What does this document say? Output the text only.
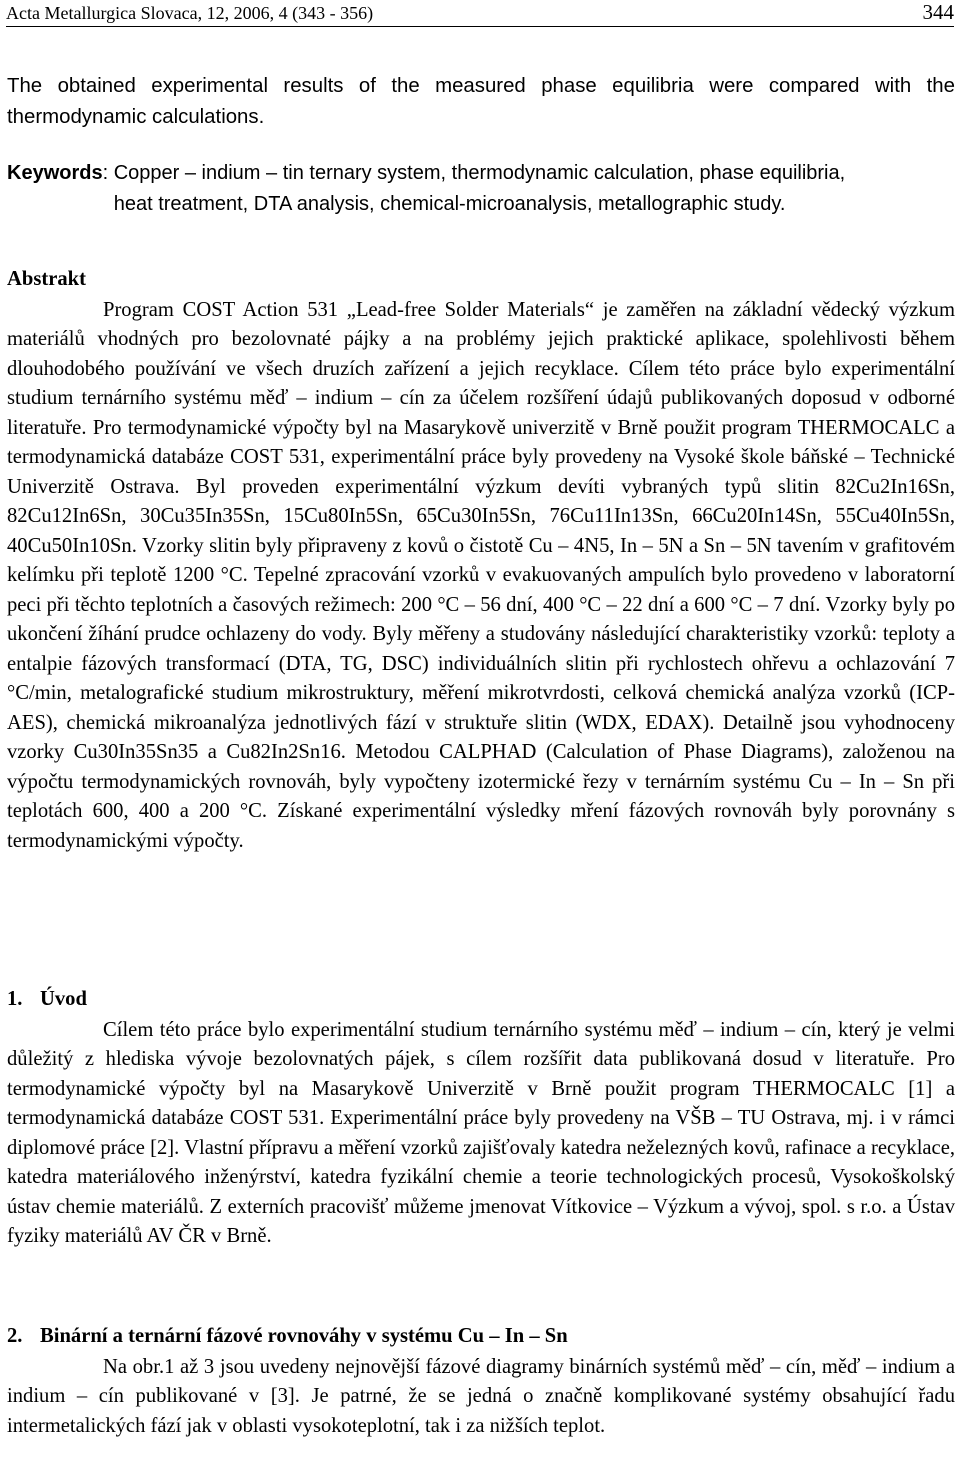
Acta Metallurgica Slovaca, 12, 2006, 4 (343 - 356)	344

The obtained experimental results of the measured phase equilibria were compared with the thermodynamic calculations.

Keywords : Copper – indium – tin ternary system, thermodynamic calculation, phase equilibria,
heat treatment, DTA analysis, chemical-microanalysis, metallographic study.
Abstrakt

Program COST Action 531 „Lead-free Solder Materials“ je zaměřen na základní vědecký výzkum materiálů vhodných pro bezolovnaté pájky a na problémy jejich praktické aplikace, spolehlivosti během dlouhodobého používání ve všech druzích zařízení a jejich recyklace. Cílem této práce bylo experimentální studium ternárního systému měď – indium – cín za účelem rozšíření údajů publikovaných doposud v odborné literatuře. Pro termodynamické výpočty byl na Masarykově univerzitě v Brně použit program THERMOCALC a termodynamická databáze COST 531, experimentální práce byly provedeny na Vysoké škole báňské – Technické Univerzitě Ostrava. Byl proveden experimentální výzkum devíti vybraných typů slitin 82Cu2In16Sn, 82Cu12In6Sn, 30Cu35In35Sn, 15Cu80In5Sn, 65Cu30In5Sn, 76Cu11In13Sn, 66Cu20In14Sn, 55Cu40In5Sn, 40Cu50In10Sn. Vzorky slitin byly připraveny z kovů o čistotě Cu – 4N5, In – 5N a Sn – 5N tavením v grafitovém kelímku při teplotě 1200 °C. Tepelné zpracování vzorků v evakuovaných ampulích bylo provedeno v laboratorní peci při těchto teplotních a časových režimech: 200 °C – 56 dní, 400 °C – 22 dní a 600 °C – 7 dní. Vzorky byly po ukončení žíhání prudce ochlazeny do vody. Byly měřeny a studovány následující charakteristiky vzorků: teploty a entalpie fázových transformací (DTA, TG, DSC) individuálních slitin při rychlostech ohřevu a ochlazování 7 °C/min, metalografické studium mikrostruktury, měření mikrotvrdosti, celková chemická analýza vzorků (ICP-AES), chemická mikroanalýza jednotlivých fází v struktuře slitin (WDX, EDAX). Detailně jsou vyhodnoceny vzorky Cu30In35Sn35 a Cu82In2Sn16. Metodou CALPHAD (Calculation of Phase Diagrams), založenou na výpočtu termodynamických rovnováh, byly vypočteny izotermické řezy v ternárním systému Cu – In – Sn při teplotách 600, 400 a 200 °C. Získané experimentální výsledky mření fázových rovnováh byly porovnány s termodynamickými výpočty.

1. Úvod

Cílem této práce bylo experimentální studium ternárního systému měď – indium – cín, který je velmi důležitý z hlediska vývoje bezolovnatých pájek, s cílem rozšířit data publikovaná dosud v literatuře. Pro termodynamické výpočty byl na Masarykově Univerzitě v Brně použit program THERMOCALC [1] a termodynamická databáze COST 531. Experimentální práce byly provedeny na VŠB – TU Ostrava, mj. i v rámci diplomové práce [2]. Vlastní přípravu a měření vzorků zajišťovaly katedra neželezných kovů, rafinace a recyklace, katedra materiálového inženýrství, katedra fyzikální chemie a teorie technologických procesů, Vysokoškolský ústav chemie materiálů. Z externích pracovišť můžeme jmenovat Vítkovice – Výzkum a vývoj, spol. s r.o. a Ústav fyziky materiálů AV ČR v Brně.

2. Binární a ternární fázové rovnováhy v systému Cu – In – Sn

Na obr.1 až 3 jsou uvedeny nejnovější fázové diagramy binárních systémů měď – cín, měď – indium a indium – cín publikované v [3]. Je patrné, že se jedná o značně komplikované systémy obsahující řadu intermetalických fází jak v oblasti vysokoteplotní, tak i za nižších teplot.
